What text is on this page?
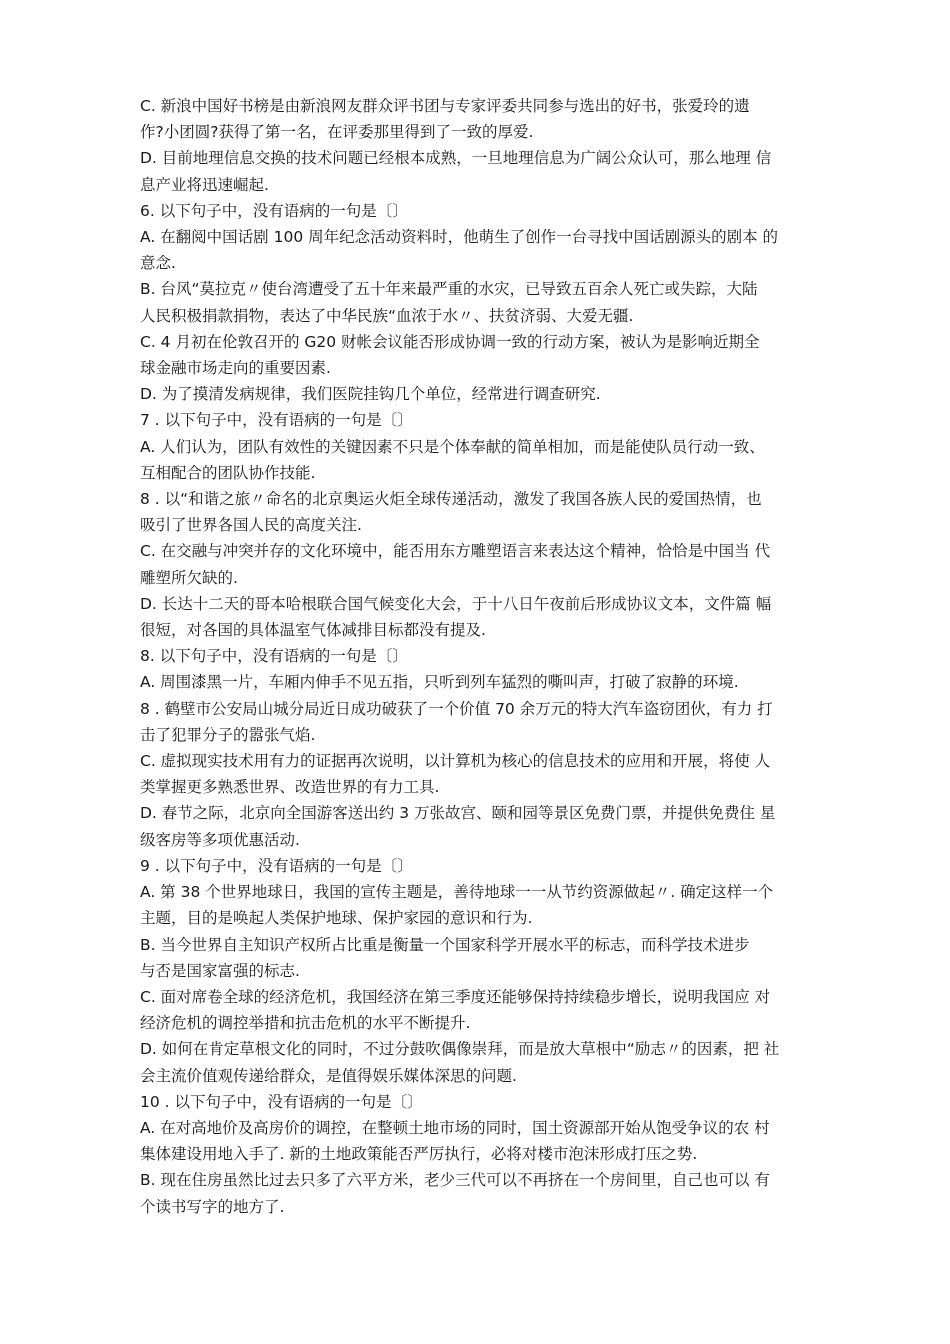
C. 新浪中国好书榜是由新浪网友群众评书团与专家评委共同参与选出的好书，张爱玲的遗
作?小团圆?获得了第一名，在评委那里得到了一致的厚爱.
D. 目前地理信息交换的技术问题已经根本成熟，一旦地理信息为广阔公众认可，那么地理 信
息产业将迅速崛起.
6. 以下句子中，没有语病的一句是〔〕
A. 在翻阅中国话剧 100 周年纪念活动资料时，他萌生了创作一台寻找中国话剧源头的剧本 的
意念.
B. 台风“莫拉克〃使台湾遭受了五十年来最严重的水灾，已导致五百余人死亡或失踪，大陆
人民积极捐款捐物，表达了中华民族“血浓于水〃、扶贫济弱、大爱无疆.
C. 4 月初在伦敦召开的 G20 财帐会议能否形成协调一致的行动方案，被认为是影响近期全
球金融市场走向的重要因素.
D. 为了摸清发病规律，我们医院挂钩几个单位，经常进行调查研究.
7 . 以下句子中，没有语病的一句是〔〕
A. 人们认为，团队有效性的关键因素不只是个体奉献的简单相加，而是能使队员行动一致、
互相配合的团队协作技能.
8 . 以“和谐之旅〃命名的北京奥运火炬全球传递活动，激发了我国各族人民的爱国热情，也
吸引了世界各国人民的高度关注.
C. 在交融与冲突并存的文化环境中，能否用东方雕塑语言来表达这个精神，恰恰是中国当 代
雕塑所欠缺的.
D. 长达十二天的哥本哈根联合国气候变化大会，于十八日午夜前后形成协议文本，文件篇 幅
很短，对各国的具体温室气体减排目标都没有提及.
8. 以下句子中，没有语病的一句是〔〕
A. 周围漆黑一片，车厢内伸手不见五指，只听到列车猛烈的嘶叫声，打破了寂静的环境.
8 . 鹤壁市公安局山城分局近日成功破获了一个价值 70 余万元的特大汽车盗窃团伙，有力 打
击了犯罪分子的嚣张气焰.
C. 虚拟现实技术用有力的证据再次说明，以计算机为核心的信息技术的应用和开展，将使 人
类掌握更多熟悉世界、改造世界的有力工具.
D. 春节之际，北京向全国游客送出约 3 万张故宫、颐和园等景区免费门票，并提供免费住 星
级客房等多项优惠活动.
9 . 以下句子中，没有语病的一句是〔〕
A. 第 38 个世界地球日，我国的宣传主题是，善待地球一一从节约资源做起〃. 确定这样一个
主题，目的是唤起人类保护地球、保护家园的意识和行为.
B. 当今世界自主知识产权所占比重是衡量一个国家科学开展水平的标志，而科学技术进步
与否是国家富强的标志.
C. 面对席卷全球的经济危机，我国经济在第三季度还能够保持持续稳步增长，说明我国应 对
经济危机的调控举措和抗击危机的水平不断提升.
D. 如何在肯定草根文化的同时，不过分鼓吹偶像崇拜，而是放大草根中“励志〃的因素，把 社
会主流价值观传递给群众，是值得娱乐媒体深思的问题.
10 . 以下句子中，没有语病的一句是〔〕
A. 在对高地价及高房价的调控，在整顿土地市场的同时，国土资源部开始从饱受争议的农 村
集体建设用地入手了. 新的土地政策能否严厉执行，必将对楼市泡沫形成打压之势.
B. 现在住房虽然比过去只多了六平方米，老少三代可以不再挤在一个房间里，自己也可以 有
个读书写字的地方了.
